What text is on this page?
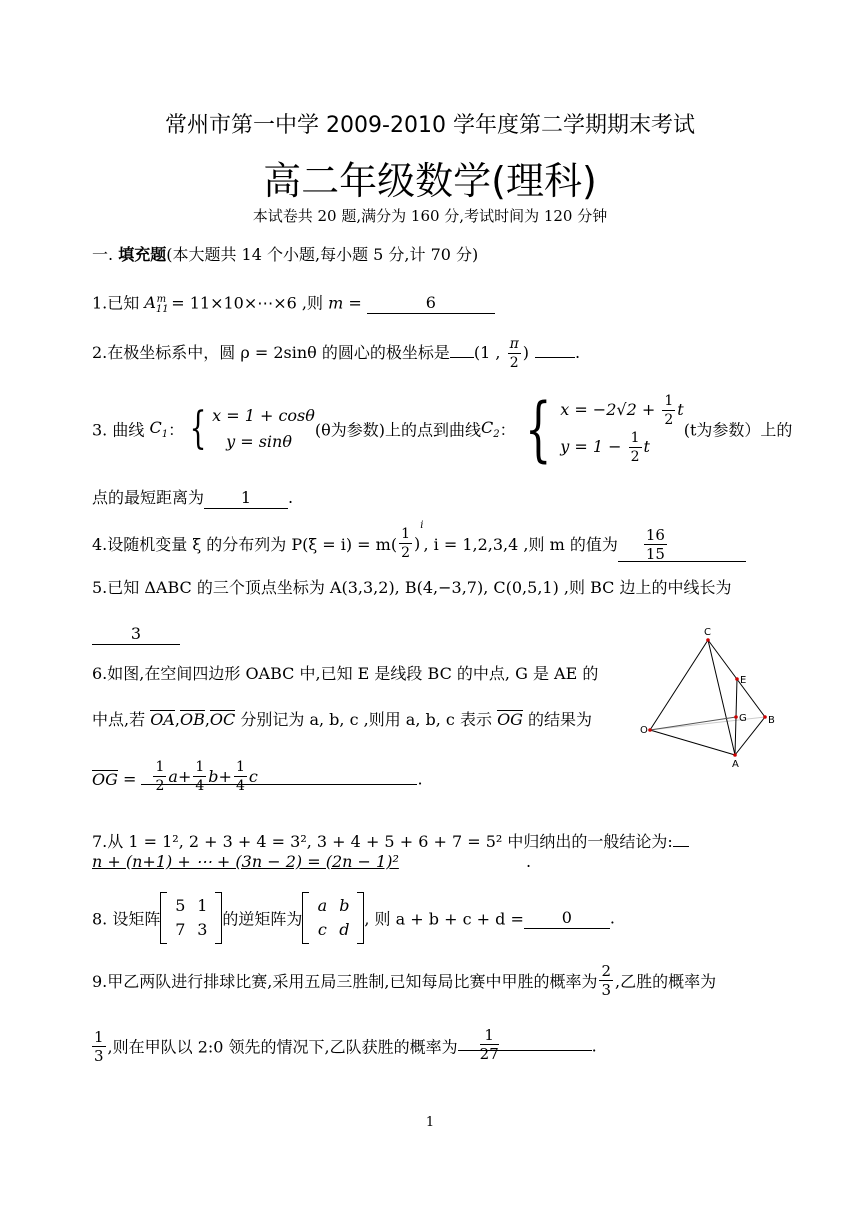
常州市第一中学 2009-2010 学年度第二学期期末考试
高二年级数学(理科)
本试卷共 20 题,满分为 160 分,考试时间为 120 分钟
一. 填充题(本大题共 14 个小题,每小题 5 分,计 70 分)
1.已知 $A_{11}^m$ = 11×10×⋯×6 ,则 m =	6
2.在极坐标系中，圆 ρ = 2sinθ 的圆心的极坐标是 (1 , $\frac{\pi}{2}$ )	.
3. 曲线 $C_1$： { x = 1 + cosθ
y = sinθ
(θ为参数)上的点到曲线$C_2$： { $x = -2√2 + \frac{1}{2}$ t
$y = 1 - \frac{1}{2}$ t
(t为参数）上的
点的最短距离为 1 .
4.设随机变量 ξ 的分布列为 $P(\xi = i) = m( \frac{1}{2} )^i$, i = 1,2,3,4 ,则 m 的值为 $\frac{16}{15}$
5.已知 ΔABC 的三个顶点坐标为 A(3,3,2), B(4,−3,7), C(0,5,1) ,则 BC 边上的中线长为
3
6.如图,在空间四边形 OABC 中,已知 E 是线段 BC 的中点, G 是 AE 的
中点,若 OA,OB,OC 分别记为 a, b, c ,则用 a, b, c 表示 OG 的结果为
OG = $\frac{1}{2} a+ \frac{1}{4} b+ \frac{1}{4}$ c	.
C
E
G B
O
A
7.从 1 = 1², 2 + 3 + 4 = 3², 3 + 4 + 5 + 6 + 7 = 5² 中归纳出的一般结论为:
n + (n+1) + ⋯ + (3n − 2) = (2n − 1)²	.
8. 设矩阵
5 1
7 3
的逆矩阵为
a b
c d
, 则 a + b + c + d = 0 .
9.甲乙两队进行排球比赛,采用五局三胜制,已知每局比赛中甲胜的概率为 $\frac{2}{3}$ ,乙胜的概率为
$\frac{1}{3}$ ,则在甲队以 2:0 领先的情况下,乙队获胜的概率为 $\frac{1}{27}$	.
1
